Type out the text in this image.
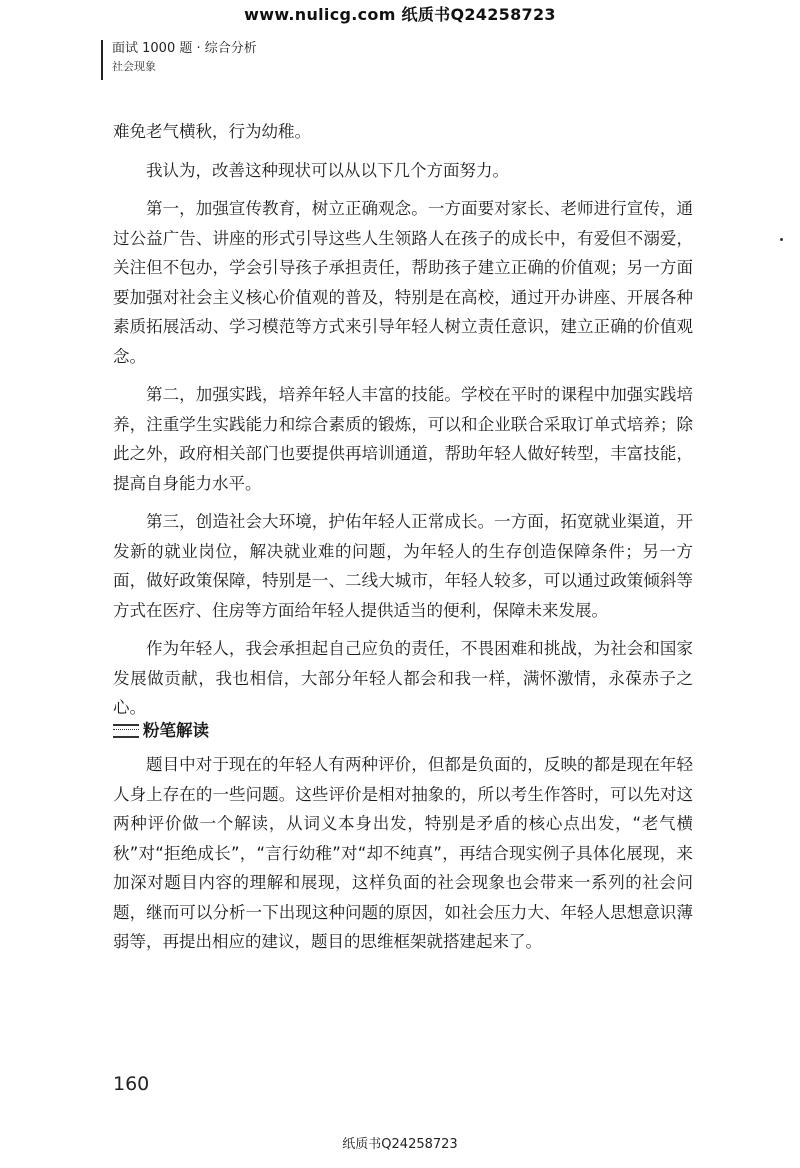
www.nulicg.com 纸质书Q24258723
面试 1000 题 · 综合分析
社会现象

难免老气横秋，行为幼稚。

我认为，改善这种现状可以从以下几个方面努力。

第一，加强宣传教育，树立正确观念。一方面要对家长、老师进行宣传，通过公益广告、讲座的形式引导这些人生领路人在孩子的成长中，有爱但不溺爱，关注但不包办，学会引导孩子承担责任，帮助孩子建立正确的价值观；另一方面要加强对社会主义核心价值观的普及，特别是在高校，通过开办讲座、开展各种素质拓展活动、学习模范等方式来引导年轻人树立责任意识，建立正确的价值观念。

第二，加强实践，培养年轻人丰富的技能。学校在平时的课程中加强实践培养，注重学生实践能力和综合素质的锻炼，可以和企业联合采取订单式培养；除此之外，政府相关部门也要提供再培训通道，帮助年轻人做好转型，丰富技能，提高自身能力水平。

第三，创造社会大环境，护佑年轻人正常成长。一方面，拓宽就业渠道，开发新的就业岗位，解决就业难的问题，为年轻人的生存创造保障条件；另一方面，做好政策保障，特别是一、二线大城市，年轻人较多，可以通过政策倾斜等方式在医疗、住房等方面给年轻人提供适当的便利，保障未来发展。

作为年轻人，我会承担起自己应负的责任，不畏困难和挑战，为社会和国家发展做贡献，我也相信，大部分年轻人都会和我一样，满怀激情，永葆赤子之心。

粉笔解读

题目中对于现在的年轻人有两种评价，但都是负面的，反映的都是现在年轻人身上存在的一些问题。这些评价是相对抽象的，所以考生作答时，可以先对这两种评价做一个解读，从词义本身出发，特别是矛盾的核心点出发，“老气横秋”对“拒绝成长”，“言行幼稚”对“却不纯真”，再结合现实例子具体化展现，来加深对题目内容的理解和展现，这样负面的社会现象也会带来一系列的社会问题，继而可以分析一下出现这种问题的原因，如社会压力大、年轻人思想意识薄弱等，再提出相应的建议，题目的思维框架就搭建起来了。

160
纸质书Q24258723
